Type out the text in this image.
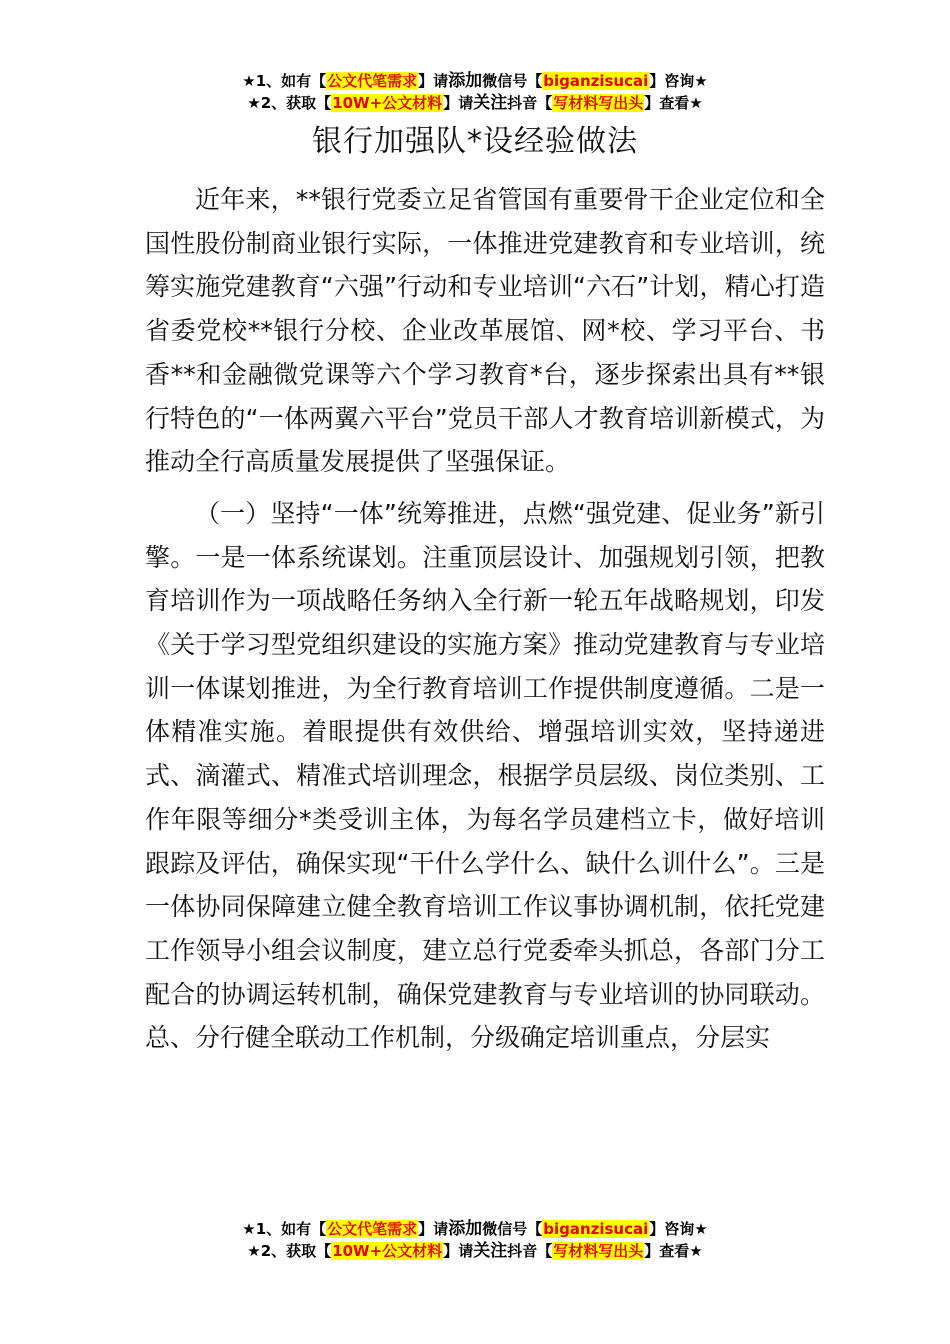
★1、如有【公文代笔需求】请添加微信号【biganzisucai】咨询★
★2、获取【10W+公文材料】请关注抖音【写材料写出头】查看★
银行加强队*设经验做法

近年来，**银行党委立足省管国有重要骨干企业定位和全国性股份制商业银行实际，一体推进党建教育和专业培训，统筹实施党建教育“六强”行动和专业培训“六石”计划，精心打造省委党校**银行分校、企业改革展馆、网*校、学习平台、书香**和金融微党课等六个学习教育*台，逐步探索出具有**银行特色的“一体两翼六平台”党员干部人才教育培训新模式，为推动全行高质量发展提供了坚强保证。

（一）坚持“一体”统筹推进，点燃“强党建、促业务”新引擎。一是一体系统谋划。注重顶层设计、加强规划引领，把教育培训作为一项战略任务纳入全行新一轮五年战略规划，印发《关于学习型党组织建设的实施方案》推动党建教育与专业培训一体谋划推进，为全行教育培训工作提供制度遵循。二是一体精准实施。着眼提供有效供给、增强培训实效，坚持递进式、滴灌式、精准式培训理念，根据学员层级、岗位类别、工作年限等细分*类受训主体，为每名学员建档立卡，做好培训跟踪及评估，确保实现“干什么学什么、缺什么训什么”。三是一体协同保障建立健全教育培训工作议事协调机制，依托党建工作领导小组会议制度，建立总行党委牵头抓总，各部门分工配合的协调运转机制，确保党建教育与专业培训的协同联动。总、分行健全联动工作机制，分级确定培训重点，分层实

★1、如有【公文代笔需求】请添加微信号【biganzisucai】咨询★
★2、获取【10W+公文材料】请关注抖音【写材料写出头】查看★
